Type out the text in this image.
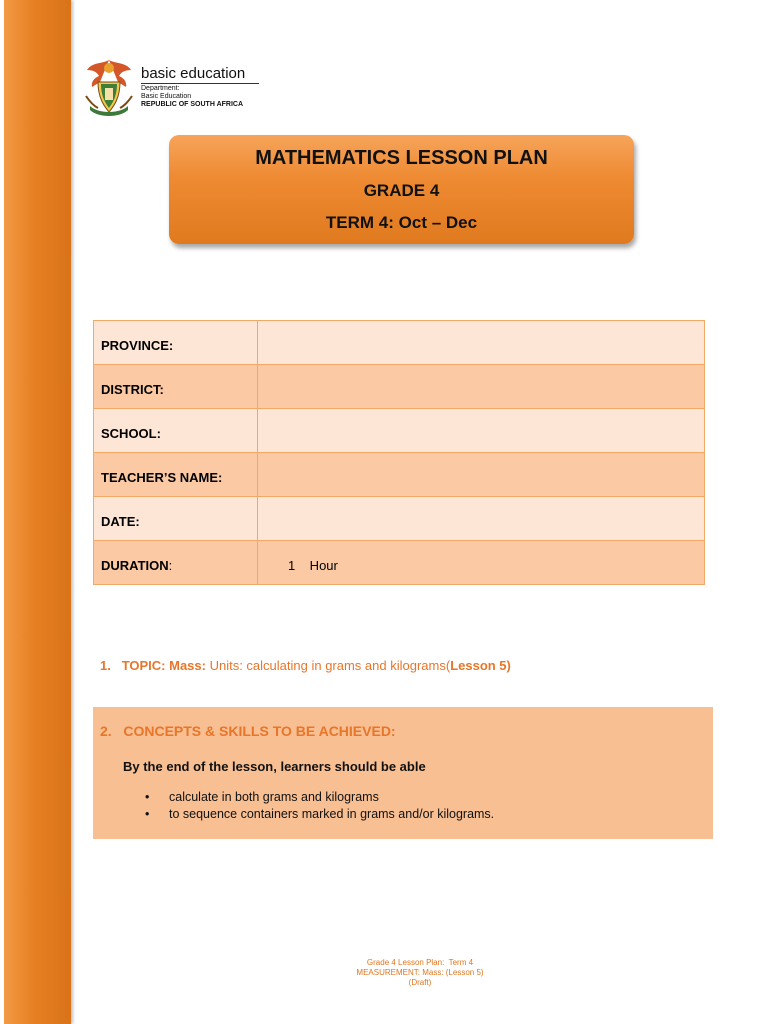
basic education
Department:
Basic Education
REPUBLIC OF SOUTH AFRICA
MATHEMATICS LESSON PLAN
GRADE 4
TERM 4: Oct – Dec
PROVINCE:	
DISTRICT:	
SCHOOL:	
TEACHER’S NAME:	
DATE:	
DURATION:	1    Hour
1. TOPIC: Mass: Units: calculating in grams and kilograms(Lesson 5)
2.   CONCEPTS & SKILLS TO BE ACHIEVED:
By the end of the lesson, learners should be able
• calculate in both grams and kilograms
• to sequence containers marked in grams and/or kilograms.
Grade 4 Lesson Plan:  Term 4
MEASUREMENT: Mass: (Lesson 5)
(Draft)
